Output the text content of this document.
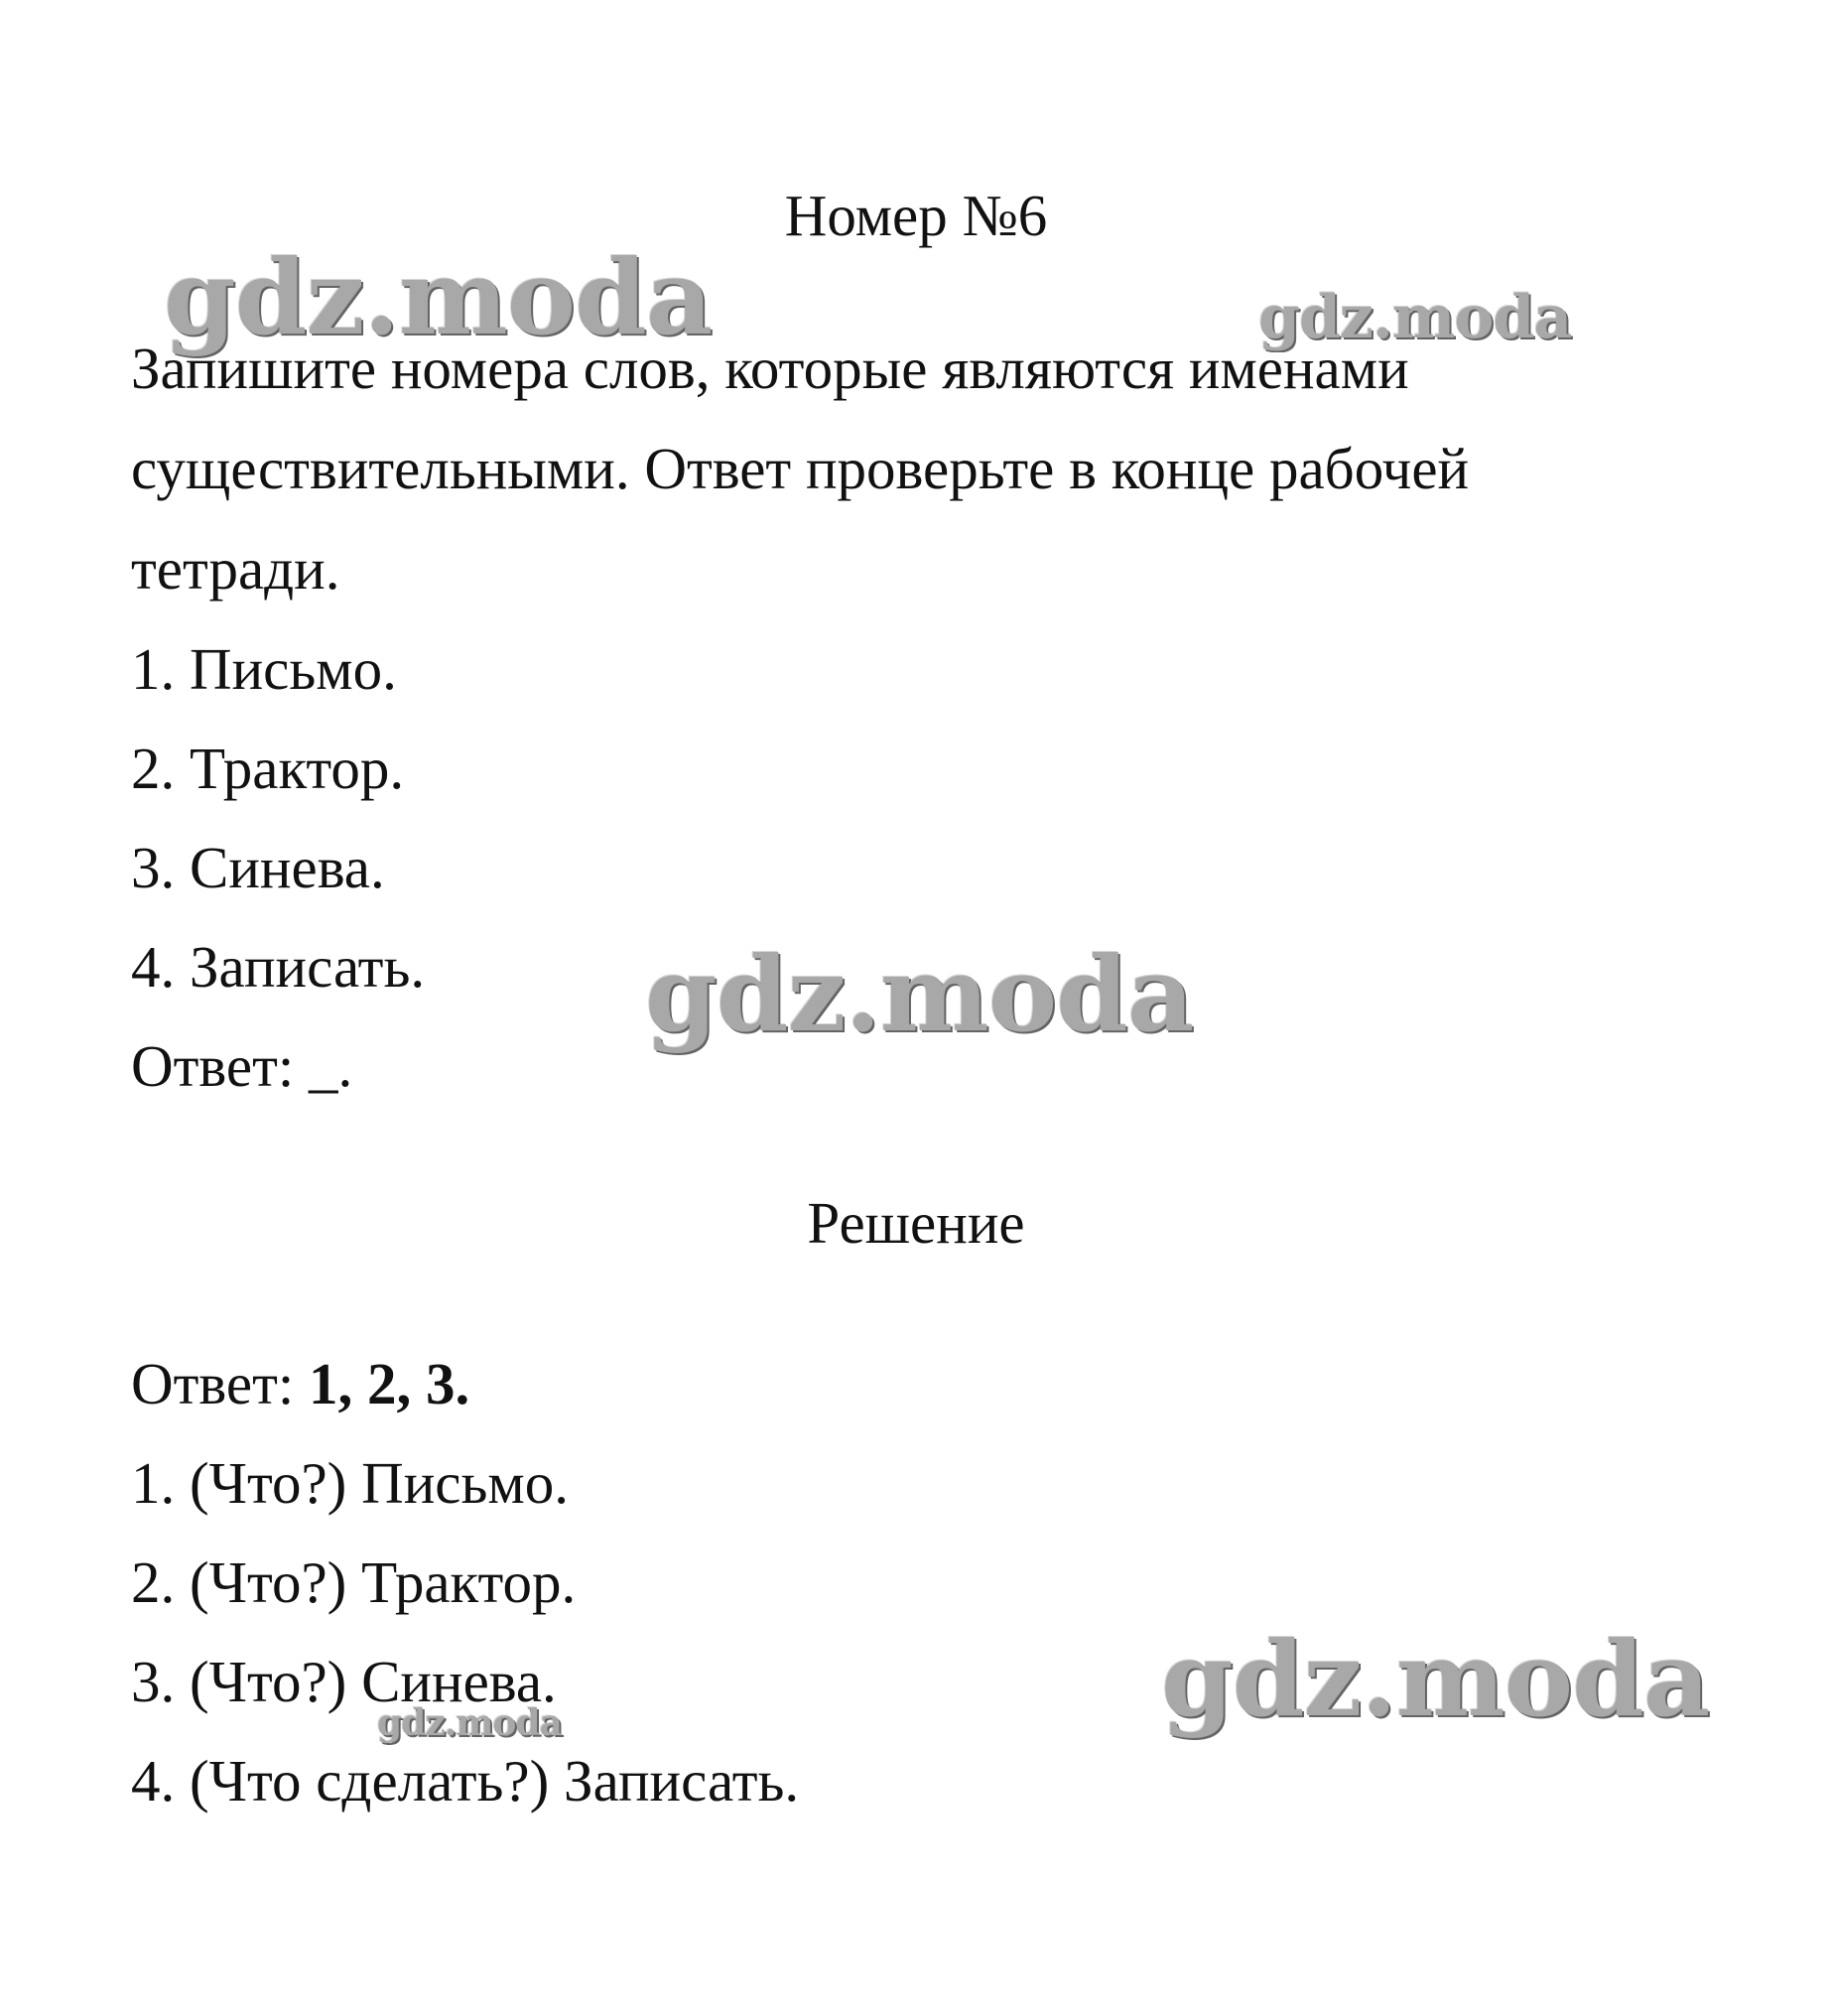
Номер №6
Запишите номера слов, которые являются именами
существительными. Ответ проверьте в конце рабочей
тетради.
1. Письмо.
2. Трактор.
3. Синева.
4. Записать.
Ответ: _.
Решение
Ответ: 1, 2, 3.
1. (Что?) Письмо.
2. (Что?) Трактор.
3. (Что?) Синева.
4. (Что сделать?) Записать.
gdz.moda	gdz.moda
gdz.moda
gdz.moda
gdz.moda
